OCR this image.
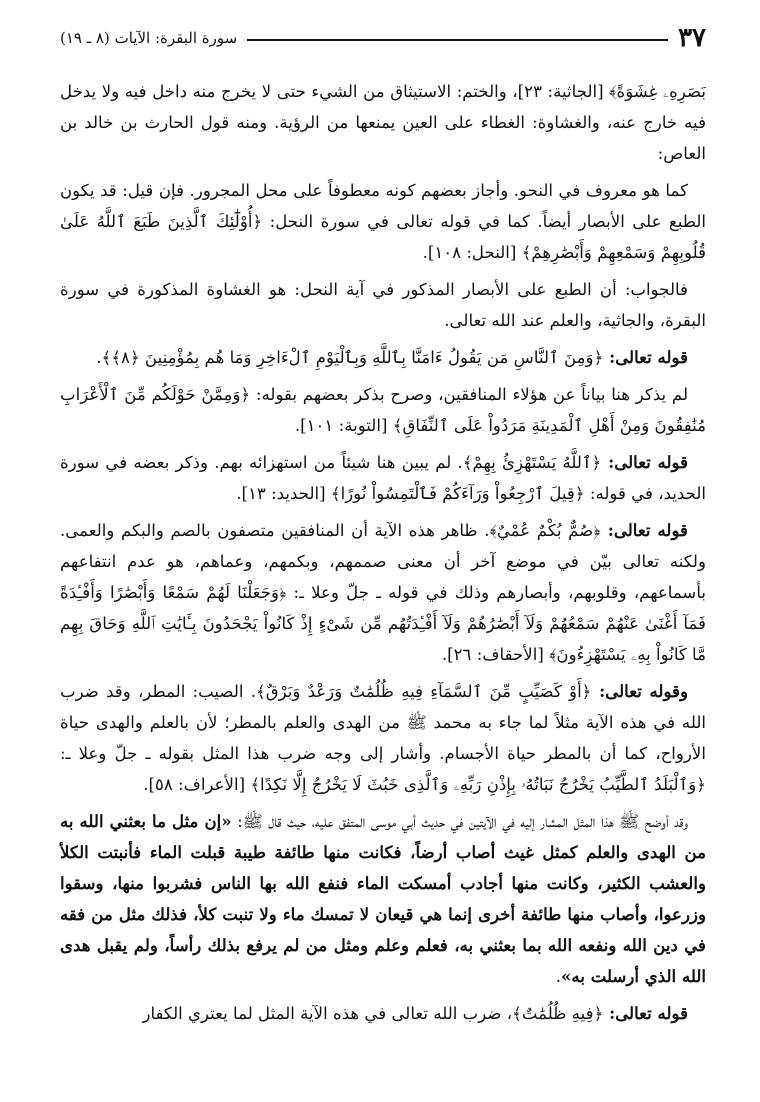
٣٧
سورة البقرة: الآيات (٨ ـ ١٩)

بَصَرِهِۦ غِشَوَةً﴾ [الجاثية: ٢٣]، والختم: الاستيثاق من الشيء حتى لا يخرج منه داخل فيه ولا يدخل فيه خارج عنه، والغشاوة: الغطاء على العين يمنعها من الرؤية. ومنه قول الحارث بن خالد بن العاص:

كما هو معروف في النحو. وأجاز بعضهم كونه معطوفاً على محل المجرور. فإن قيل: قد يكون الطبع على الأبصار أيضاً. كما في قوله تعالى في سورة النحل: ﴿أُوْلَٰٓئِكَ ٱلَّذِينَ طَبَعَ ٱللَّهُ عَلَىٰ قُلُوبِهِمْ وَسَمْعِهِمْ وَأَبْصَٰرِهِمْ﴾ [النحل: ١٠٨].

فالجواب: أن الطبع على الأبصار المذكور في آية النحل: هو الغشاوة المذكورة في سورة البقرة، والجاثية، والعلم عند الله تعالى.

قوله تعالى: ﴿وَمِنَ ٱلنَّاسِ مَن يَقُولُ ءَامَنَّا بِٱللَّهِ وَبِٱلْيَوْمِ ٱلْءَاخِرِ وَمَا هُم بِمُؤْمِنِينَ ﴿٨﴾﴾.

لم يذكر هنا بياناً عن هؤلاء المنافقين، وصرح بذكر بعضهم بقوله: ﴿وَمِمَّنْ حَوْلَكُم مِّنَ ٱلْأَعْرَابِ مُنَٰفِقُونَ وَمِنْ أَهْلِ ٱلْمَدِينَةِ مَرَدُواْ عَلَى ٱلنِّفَاقِ﴾ [التوبة: ١٠١].

قوله تعالى: ﴿ٱللَّهُ يَسْتَهْزِئُ بِهِمْ﴾. لم يبين هنا شيئاً من استهزائه بهم. وذكر بعضه في سورة الحديد، في قوله: ﴿قِيلَ ٱرْجِعُواْ وَرَآءَكُمْ فَٱلْتَمِسُواْ نُورًا﴾ [الحديد: ١٣].

قوله تعالى: ﴿صُمٌّ بُكْمٌ عُمْيٌ﴾. ظاهر هذه الآية أن المنافقين متصفون بالصم والبكم والعمى. ولكنه تعالى بيّن في موضع آخر أن معنى صممهم، وبكمهم، وعماهم، هو عدم انتفاعهم بأسماعهم، وقلوبهم، وأبصارهم وذلك في قوله ـ جلّ وعلا ـ: ﴿وَجَعَلْنَا لَهُمْ سَمْعًا وَأَبْصَٰرًا وَأَفْـِٔدَةً فَمَآ أَغْنَىٰ عَنْهُمْ سَمْعُهُمْ وَلَآ أَبْصَٰرُهُمْ وَلَآ أَفْـِٔدَتُهُم مِّن شَىْءٍ إِذْ كَانُواْ يَجْحَدُونَ بِـَٔايَٰتِ ٱللَّهِ وَحَاقَ بِهِم مَّا كَانُواْ بِهِۦ يَسْتَهْزِءُونَ﴾ [الأحقاف: ٢٦].

وقوله تعالى: ﴿أَوْ كَصَيِّبٍ مِّنَ ٱلسَّمَآءِ فِيهِ ظُلُمَٰتٌ وَرَعْدٌ وَبَرْقٌ﴾. الصيب: المطر، وقد ضرب الله في هذه الآية مثلاً لما جاء به محمد ﷺ من الهدى والعلم بالمطر؛ لأن بالعلم والهدى حياة الأرواح، كما أن بالمطر حياة الأجسام. وأشار إلى وجه ضرب هذا المثل بقوله ـ جلّ وعلا ـ: ﴿وَٱلْبَلَدُ ٱلطَّيِّبُ يَخْرُجُ نَبَاتُهُۥ بِإِذْنِ رَبِّهِۦ وَٱلَّذِى خَبُثَ لَا يَخْرُجُ إِلَّا نَكِدًا﴾ [الأعراف: ٥٨].

وقد أوضح ﷺ هذا المثل المشار إليه في الآيتين في حديث أبي موسى المتفق عليه، حيث قال ﷺ: «إن مثل ما بعثني الله به من الهدى والعلم كمثل غيث أصاب أرضاً، فكانت منها طائفة طيبة قبلت الماء فأنبتت الكلأ والعشب الكثير، وكانت منها أجادب أمسكت الماء فنفع الله بها الناس فشربوا منها، وسقوا وزرعوا، وأصاب منها طائفة أخرى إنما هي قيعان لا تمسك ماء ولا تنبت كلأ، فذلك مثل من فقه في دين الله ونفعه الله بما بعثني به، فعلم وعلم ومثل من لم يرفع بذلك رأساً، ولم يقبل هدى الله الذي أرسلت به».

قوله تعالى: ﴿فِيهِ ظُلُمَٰتٌ﴾، ضرب الله تعالى في هذه الآية المثل لما يعتري الكفار
